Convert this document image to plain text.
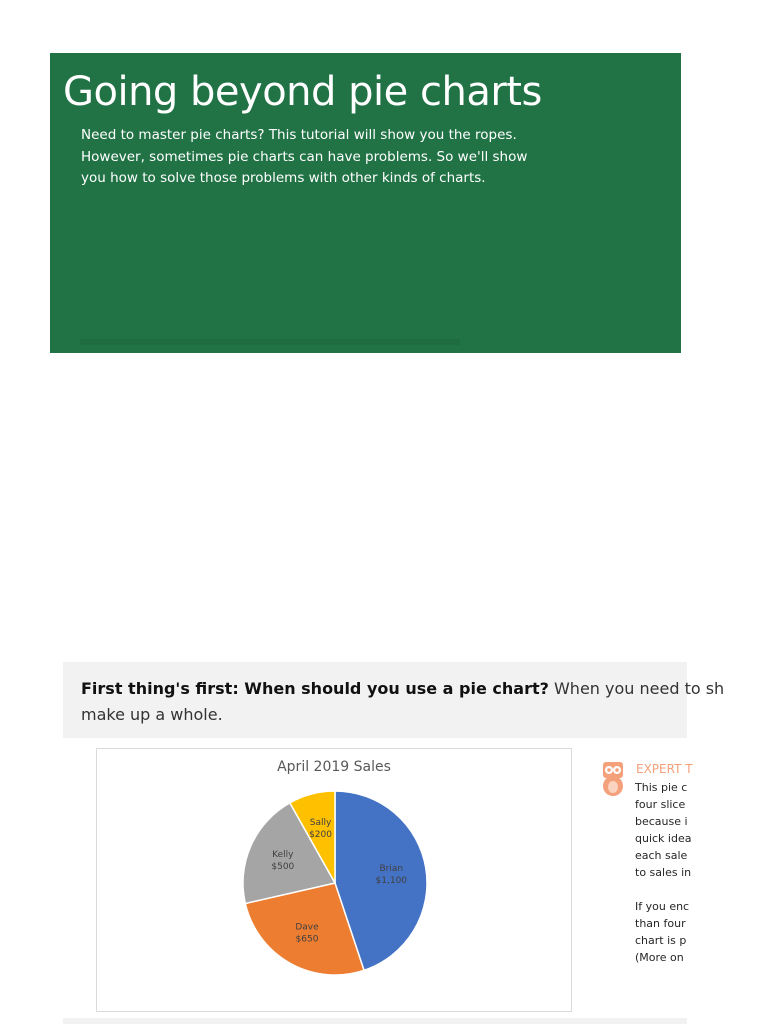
Going beyond pie charts
Need to master pie charts? This tutorial will show you the ropes. However, sometimes pie charts can have problems. So we'll show you how to solve those problems with other kinds of charts.
First thing's first: When should you use a pie chart? When you need to sh
make up a whole.
April 2019 Sales
Brian
$1,100
Dave
$650
Kelly
$500
Sally
$200
EXPERT T

This pie c
four slice
because i
quick idea
each sale
to sales in

If you enc
than four
chart is p
(More on
